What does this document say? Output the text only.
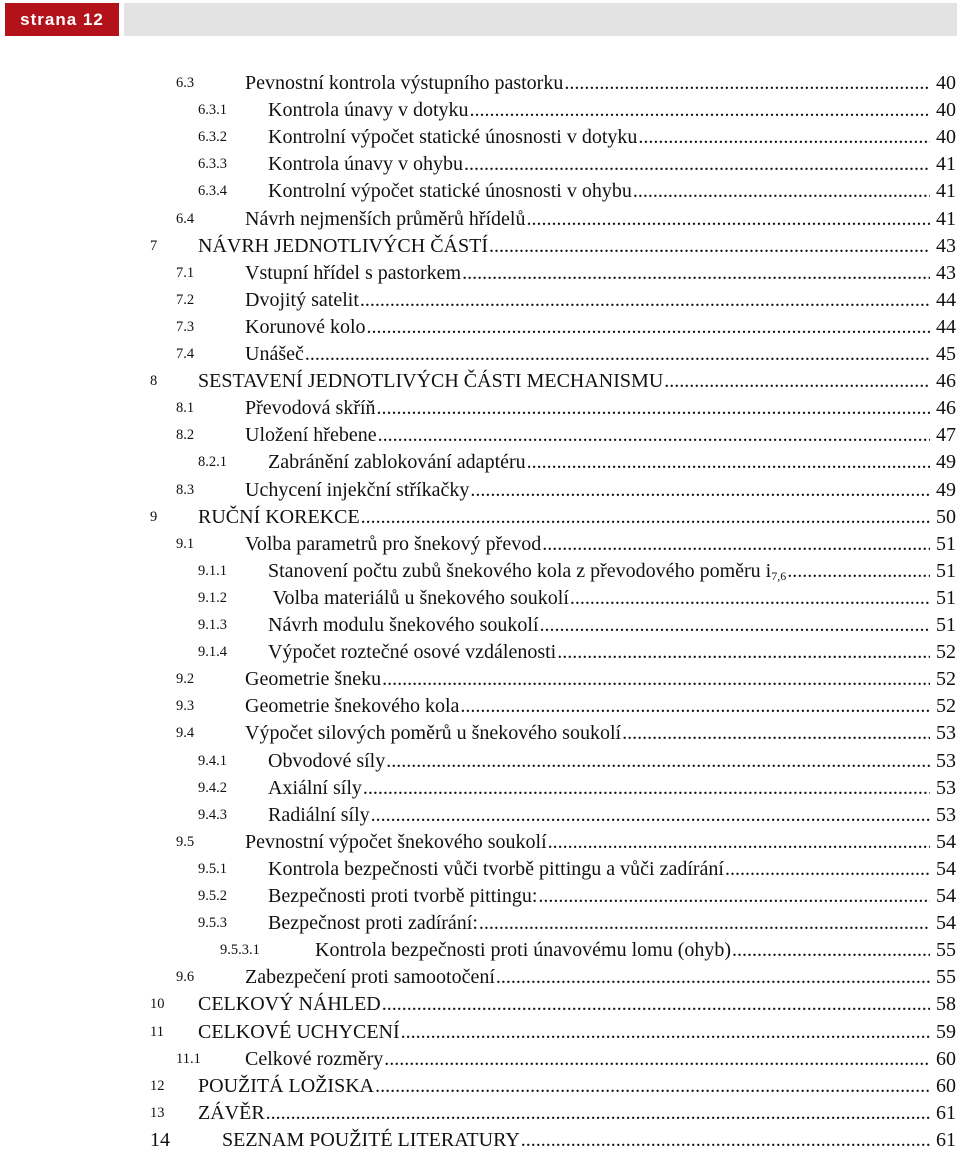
strana 12
6.3	Pevnostní kontrola výstupního pastorku .....	40
6.3.1 Kontrola únavy v dotyku .....	40
6.3.2 Kontrolní výpočet statické únosnosti v dotyku .....	40
6.3.3 Kontrola únavy v ohybu .....	41
6.3.4 Kontrolní výpočet statické únosnosti v ohybu .....	41
6.4	Návrh nejmenších průměrů hřídelů .....	41
7 NÁVRH JEDNOTLIVÝCH ČÁSTÍ .....	43
7.1	Vstupní hřídel s pastorkem .....	43
7.2	Dvojitý satelit .....	44
7.3	Korunové kolo .....	44
7.4	Unášeč .....	45
8 SESTAVENÍ JEDNOTLIVÝCH ČÁSTI MECHANISMU .....	46
8.1	Převodová skříň .....	46
8.2	Uložení hřebene .....	47
8.2.1 Zabránění zablokování adaptéru .....	49
8.3	Uchycení injekční stříkačky .....	49
9 RUČNÍ KOREKCE .....	50
9.1	Volba parametrů pro šnekový převod .....	51
9.1.1 Stanovení počtu zubů šnekového kola z převodového poměru $i_{7,6}$ .....	51
9.1.2 Volba materiálů u šnekového soukolí .....	51
9.1.3 Návrh modulu šnekového soukolí .....	51
9.1.4 Výpočet roztečné osové vzdálenosti .....	52
9.2	Geometrie šneku .....	52
9.3	Geometrie šnekového kola .....	52
9.4	Výpočet silových poměrů u šnekového soukolí .....	53
9.4.1 Obvodové síly .....	53
9.4.2 Axiální síly .....	53
9.4.3 Radiální síly .....	53
9.5	Pevnostní výpočet šnekového soukolí .....	54
9.5.1 Kontrola bezpečnosti vůči tvorbě pittingu a vůči zadírání .....	54
9.5.2 Bezpečnosti proti tvorbě pittingu: .....	54
9.5.3 Bezpečnost proti zadírání: .....	54
9.5.3.1	Kontrola bezpečnosti proti únavovému lomu (ohyb) .....	55
9.6	Zabezpečení proti samootočení .....	55
10 CELKOVÝ NÁHLED .....	58
11 CELKOVÉ UCHYCENÍ .....	59
11.1 Celkové rozměry .....	60
12 POUŽITÁ LOŽISKA .....	60
13 ZÁVĚR .....	61
14	SEZNAM POUŽITÉ LITERATURY .....	61
